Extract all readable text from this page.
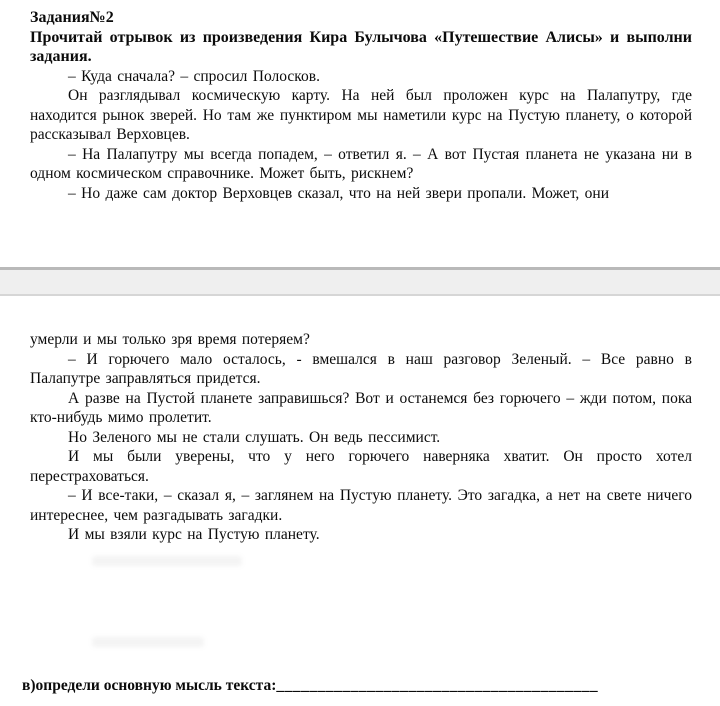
Задания№2

Прочитай отрывок из произведения Кира Булычова «Путешествие Алисы» и выполни задания.

– Куда сначала? – спросил Полосков.

Он разглядывал космическую карту. На ней был проложен курс на Палапутру, где находится рынок зверей. Но там же пунктиром мы наметили курс на Пустую планету, о которой рассказывал Верховцев.

– На Палапутру мы всегда попадем, – ответил я. – А вот Пустая планета не указана ни в одном космическом справочнике. Может быть, рискнем?

– Но даже сам доктор Верховцев сказал, что на ней звери пропали. Может, они

умерли и мы только зря время потеряем?

– И горючего мало осталось, - вмешался в наш разговор Зеленый. – Все равно в Палапутре заправляться придется.

А разве на Пустой планете заправишься? Вот и останемся без горючего – жди потом, пока кто-нибудь мимо пролетит.

Но Зеленого мы не стали слушать. Он ведь пессимист.

И мы были уверены, что у него горючего наверняка хватит. Он просто хотел перестраховаться.

– И все-таки, – сказал я, – заглянем на Пустую планету. Это загадка, а нет на свете ничего интереснее, чем разгадывать загадки.

И мы взяли курс на Пустую планету.

в)определи основную мысль текста:_______________________________________
